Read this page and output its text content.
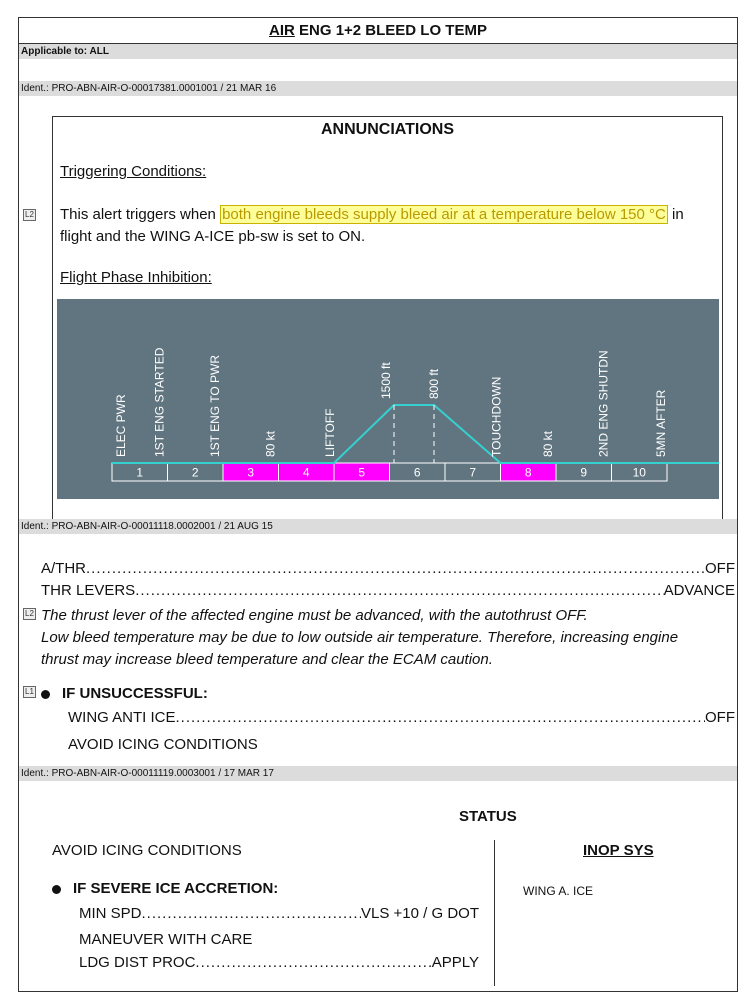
AIR ENG 1+2 BLEED LO TEMP
Applicable to: ALL
Ident.: PRO-ABN-AIR-O-00017381.0001001 / 21 MAR 16
ANNUNCIATIONS
Triggering Conditions:
This alert triggers when both engine bleeds supply bleed air at a temperature below 150 °C in flight and the WING A-ICE pb-sw is set to ON.
Flight Phase Inhibition:
1	2	3	4	5	6	7	8	9	10
ELEC PWR 1ST ENG STARTED	1ST ENG TO PWR	80 kt	LIFTOFF
1500 ft	800 ft	TOUCHDOWN	80 kt	2ND ENG SHUTDN	5MN AFTER
L2
Ident.: PRO-ABN-AIR-O-00011118.0002001 / 21 AUG 15
A/THR .....	OFF
THR LEVERS .....	ADVANCE
L2 The thrust lever of the affected engine must be advanced, with the autothrust OFF.
Low bleed temperature may be due to low outside air temperature. Therefore, increasing engine
thrust may increase bleed temperature and clear the ECAM caution.
L1	IF UNSUCCESSFUL:
WING ANTI ICE .....	OFF
AVOID ICING CONDITIONS
Ident.: PRO-ABN-AIR-O-00011119.0003001 / 17 MAR 17
STATUS
AVOID ICING CONDITIONS
IF SEVERE ICE ACCRETION:
MIN SPD .....	VLS +10 / G DOT
MANEUVER WITH CARE
LDG DIST PROC .....	APPLY
INOP SYS
WING A. ICE
